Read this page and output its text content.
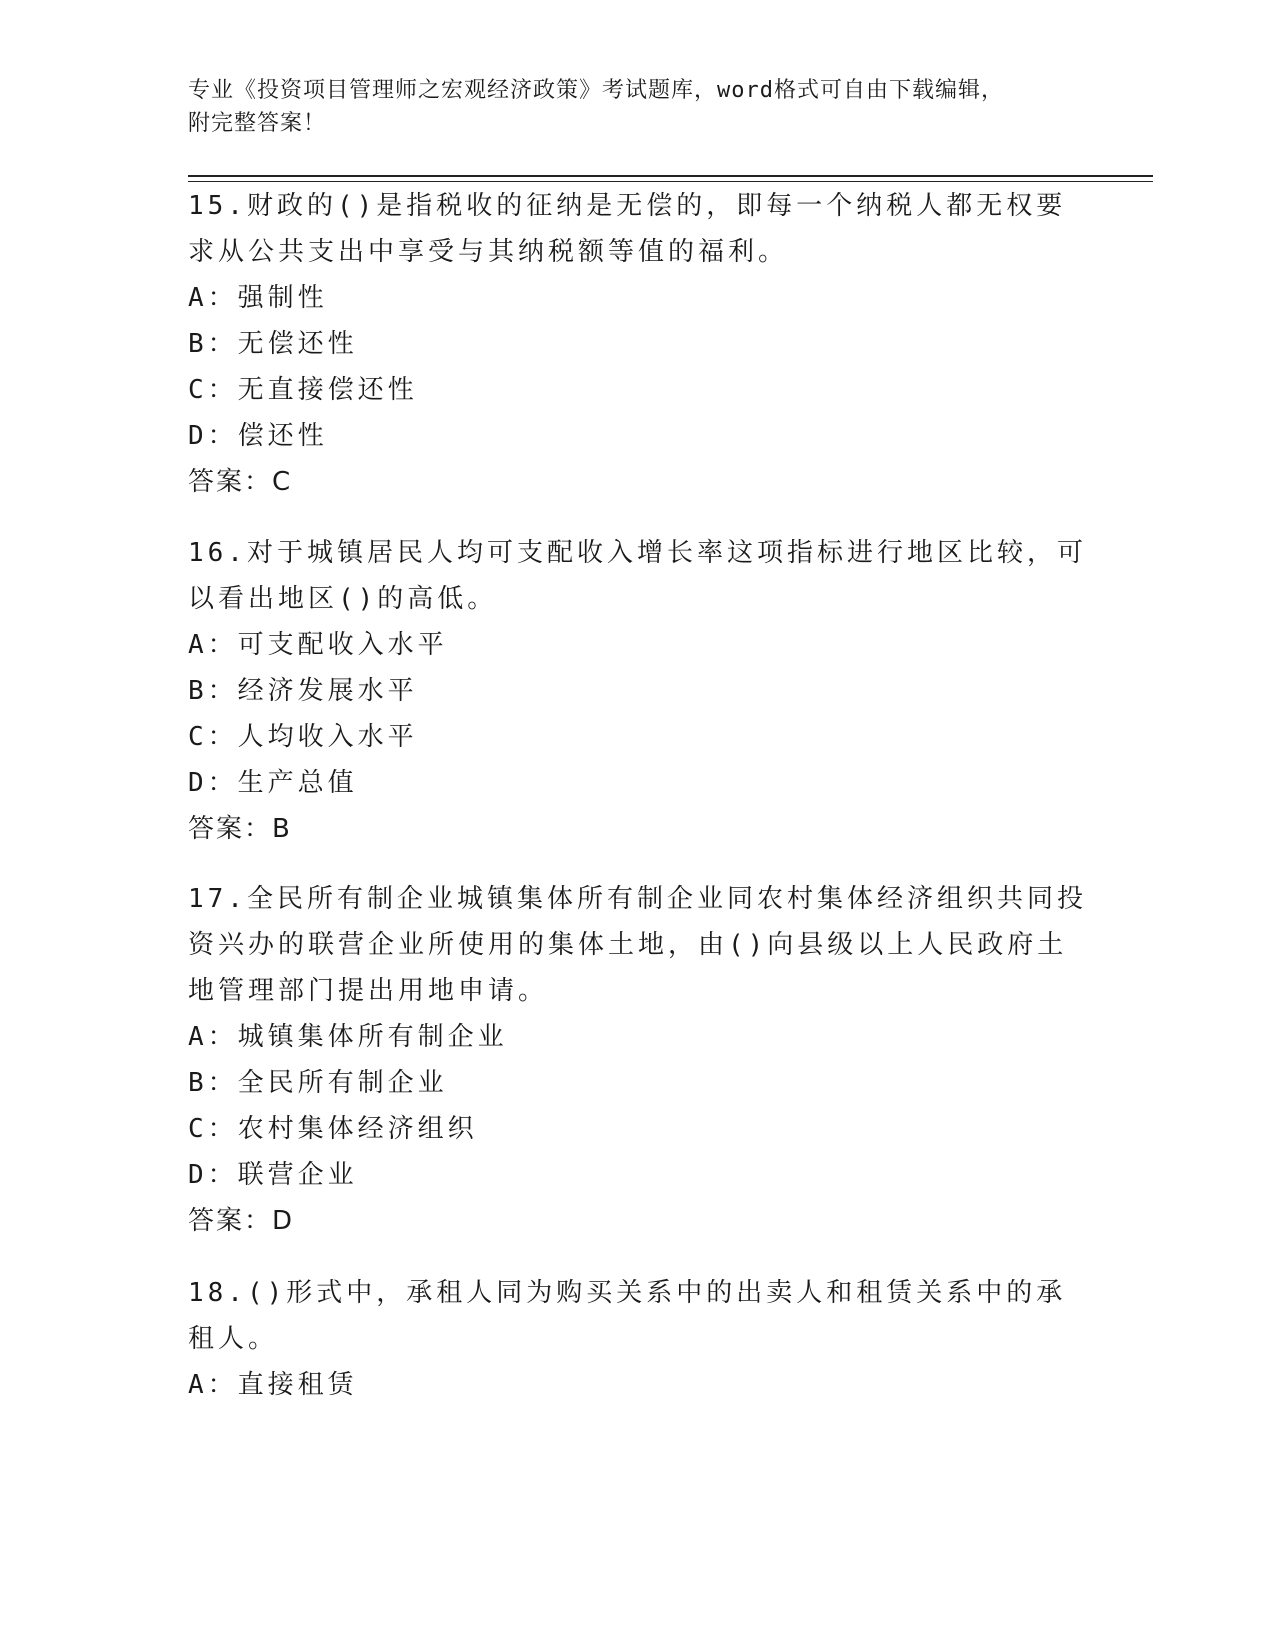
专业《投资项目管理师之宏观经济政策》考试题库，word格式可自由下载编辑，
附完整答案！

15.财政的()是指税收的征纳是无偿的，即每一个纳税人都无权要求从公共支出中享受与其纳税额等值的福利。

A：强制性

B：无偿还性

C：无直接偿还性

D：偿还性

答案：C

16.对于城镇居民人均可支配收入增长率这项指标进行地区比较，可以看出地区()的高低。

A：可支配收入水平

B：经济发展水平

C：人均收入水平

D：生产总值

答案：B

17.全民所有制企业城镇集体所有制企业同农村集体经济组织共同投资兴办的联营企业所使用的集体土地，由()向县级以上人民政府土地管理部门提出用地申请。

A：城镇集体所有制企业

B：全民所有制企业

C：农村集体经济组织

D：联营企业

答案：D

18.()形式中，承租人同为购买关系中的出卖人和租赁关系中的承租人。

A：直接租赁
